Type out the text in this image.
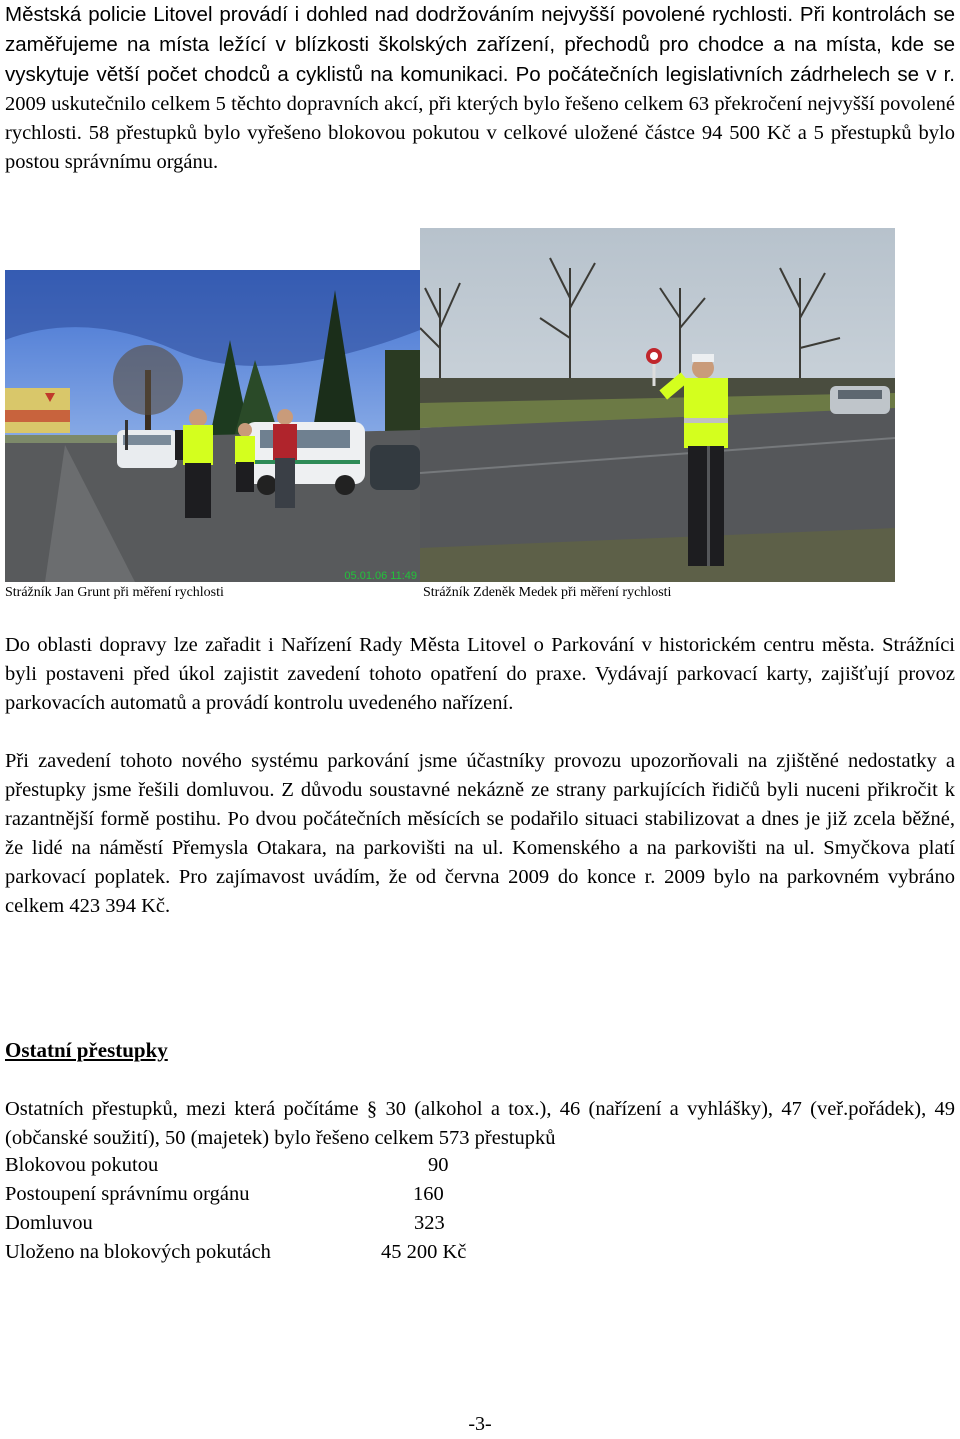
Městská policie Litovel provádí i dohled nad dodržováním nejvyšší povolené rychlosti. Při kontrolách se zaměřujeme na místa ležící v blízkosti školských zařízení, přechodů pro chodce a na místa, kde se vyskytuje větší počet chodců a cyklistů na komunikaci. Po počátečních legislativních zádrhelech se v r. 2009 uskutečnilo celkem 5 těchto dopravních akcí, při kterých bylo řešeno celkem 63 překročení nejvyšší povolené rychlosti. 58 přestupků bylo vyřešeno blokovou pokutou v celkové uložené částce 94 500 Kč a 5 přestupků bylo postou správnímu orgánu.

05.01.06 11:49
Strážník Jan Grunt při měření rychlosti	Strážník Zdeněk Medek při měření rychlosti

Do oblasti dopravy lze zařadit i Nařízení Rady Města Litovel o Parkování v historickém centru města. Strážníci byli postaveni před úkol zajistit zavedení tohoto opatření do praxe. Vydávají parkovací karty, zajišťují provoz parkovacích automatů a provádí kontrolu uvedeného nařízení.

Při zavedení tohoto nového systému parkování jsme účastníky provozu upozorňovali na zjištěné nedostatky a přestupky jsme řešili domluvou. Z důvodu soustavné nekázně ze strany parkujících řidičů byli nuceni přikročit k razantnější formě postihu. Po dvou počátečních měsících se podařilo situaci stabilizovat a dnes je již zcela běžné, že lidé na náměstí Přemysla Otakara, na parkovišti na ul. Komenského a na parkovišti na ul. Smyčkova platí parkovací poplatek. Pro zajímavost uvádím, že od června 2009 do konce r. 2009 bylo na parkovném vybráno celkem 423 394 Kč.

Ostatní přestupky

Ostatních přestupků, mezi která počítáme § 30 (alkohol a tox.), 46 (nařízení a vyhlášky), 47 (veř.pořádek), 49 (občanské soužití), 50 (majetek) bylo řešeno celkem 573 přestupků

Blokovou pokutou	90
Postoupení správnímu orgánu	160
Domluvou	323
Uloženo na blokových pokutách	45 200 Kč
-3-
